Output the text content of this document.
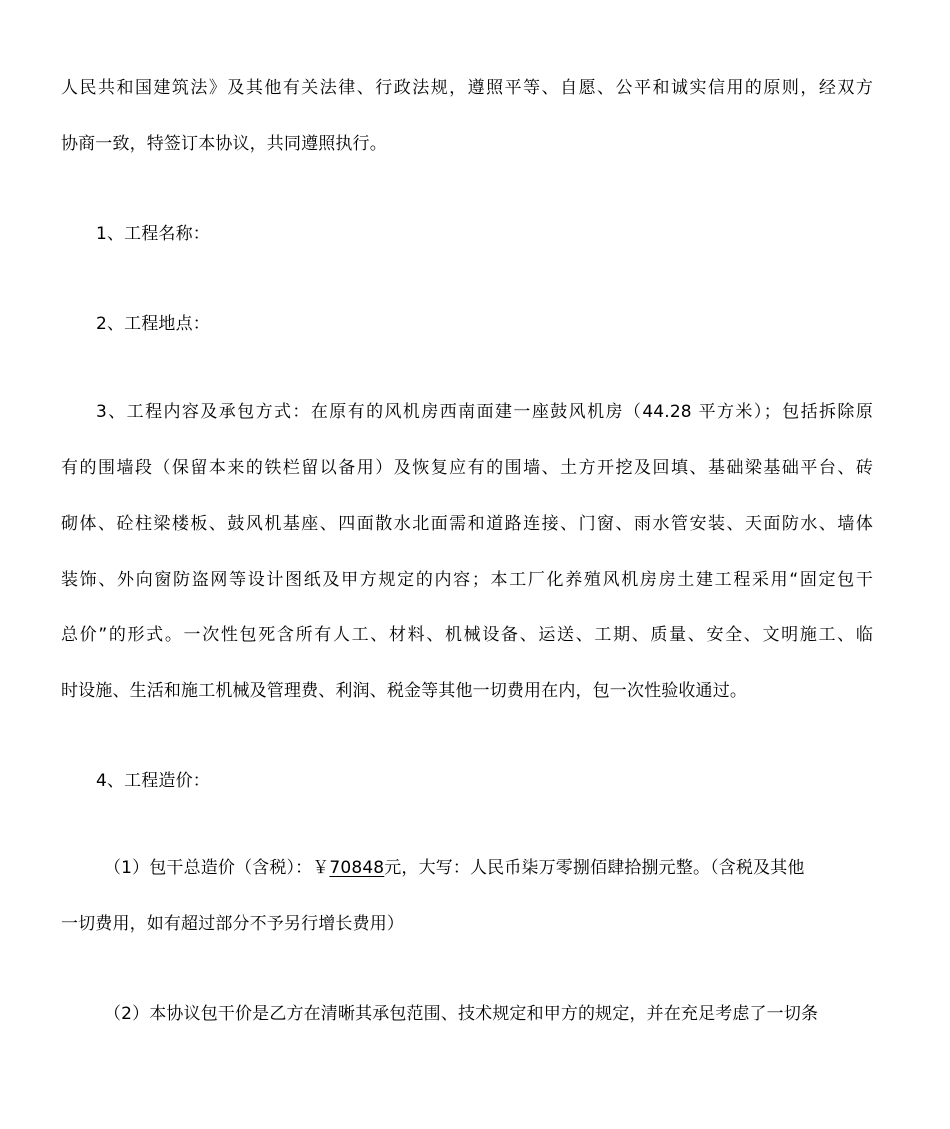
人民共和国建筑法》及其他有关法律、行政法规，遵照平等、自愿、公平和诚实信用的原则，经双方
协商一致，特签订本协议，共同遵照执行。
1、工程名称：
2、工程地点：
3、工程内容及承包方式：在原有的风机房西南面建一座鼓风机房（44.28 平方米）；包括拆除原
有的围墙段（保留本来的铁栏留以备用）及恢复应有的围墙、土方开挖及回填、基础梁基础平台、砖
砌体、砼柱梁楼板、鼓风机基座、四面散水北面需和道路连接、门窗、雨水管安装、天面防水、墙体
装饰、外向窗防盗网等设计图纸及甲方规定的内容；本工厂化养殖风机房房土建工程采用“固定包干
总价”的形式。一次性包死含所有人工、材料、机械设备、运送、工期、质量、安全、文明施工、临
时设施、生活和施工机械及管理费、利润、税金等其他一切费用在内，包一次性验收通过。
4、工程造价：
（1）包干总造价（含税）：￥70848元，大写：人民币柒万零捌佰肆拾捌元整。（含税及其他
一切费用，如有超过部分不予另行增长费用）
（2）本协议包干价是乙方在清晰其承包范围、技术规定和甲方的规定，并在充足考虑了一切条
